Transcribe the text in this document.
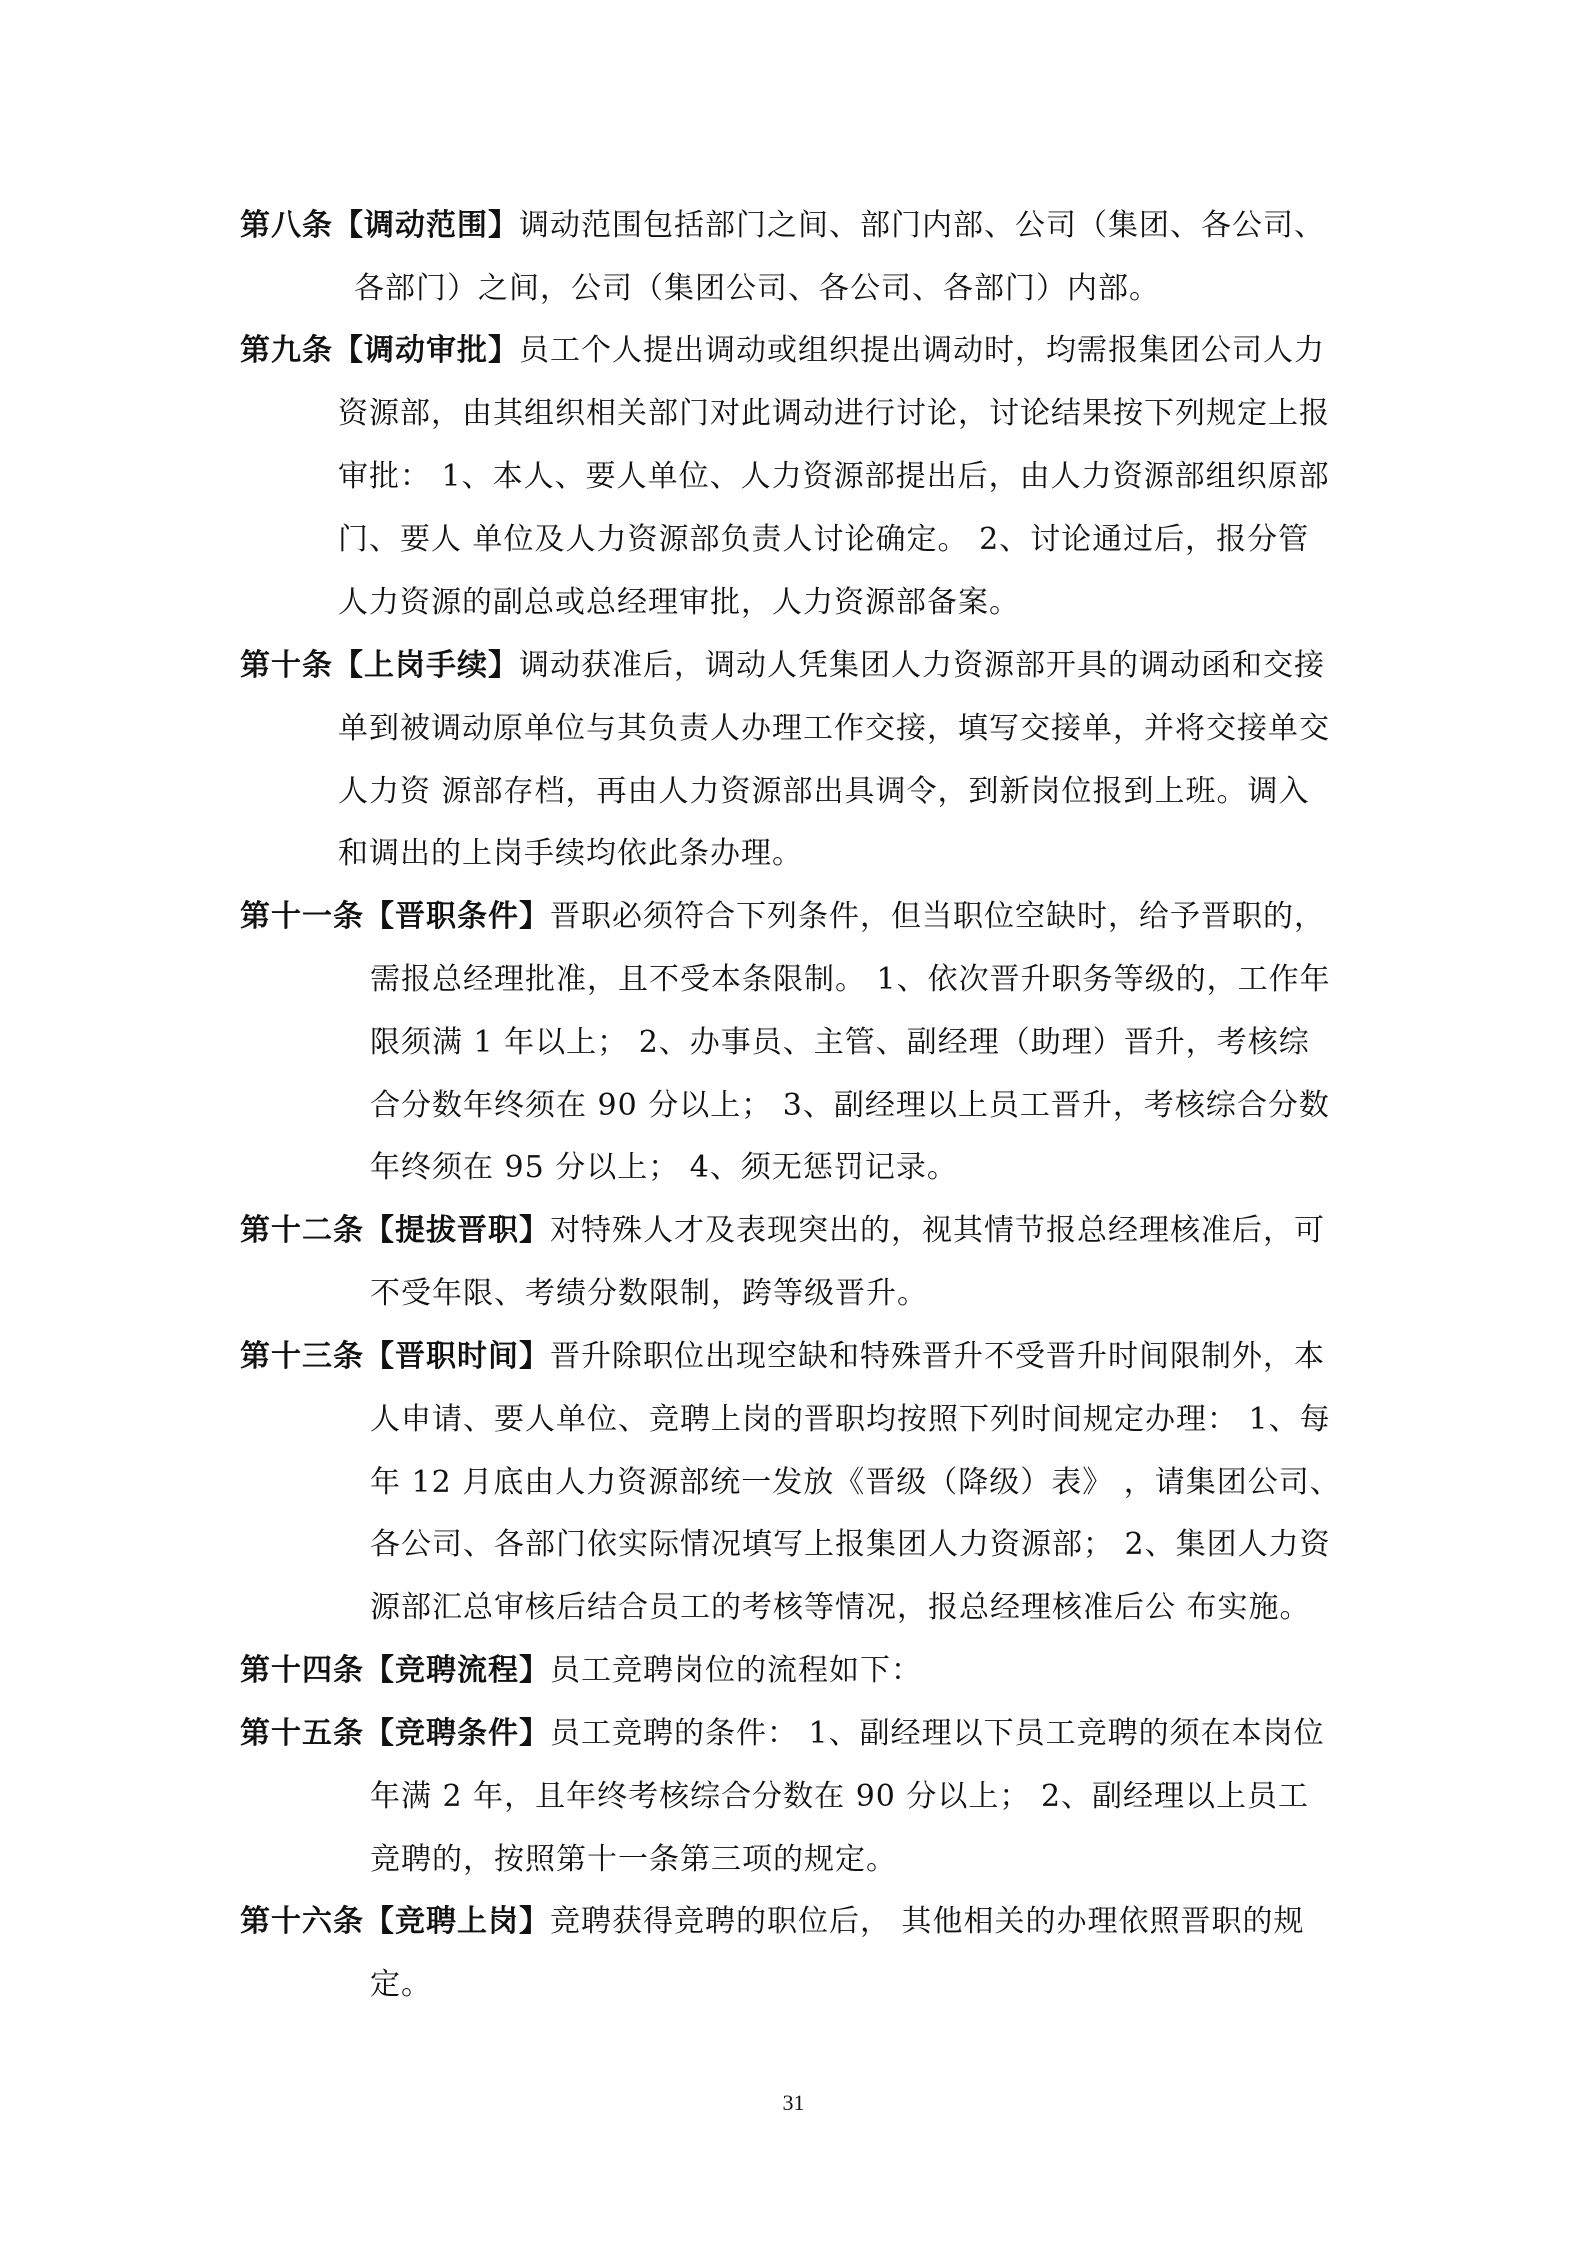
第八条【调动范围】调动范围包括部门之间、部门内部、公司（集团、各公司、
各部门）之间，公司（集团公司、各公司、各部门）内部。
第九条【调动审批】员工个人提出调动或组织提出调动时，均需报集团公司人力
资源部，由其组织相关部门对此调动进行讨论，讨论结果按下列规定上报
审批： 1、本人、要人单位、人力资源部提出后，由人力资源部组织原部
门、要人 单位及人力资源部负责人讨论确定。 2、讨论通过后，报分管
人力资源的副总或总经理审批，人力资源部备案。
第十条【上岗手续】调动获准后，调动人凭集团人力资源部开具的调动函和交接
单到被调动原单位与其负责人办理工作交接，填写交接单，并将交接单交
人力资 源部存档，再由人力资源部出具调令，到新岗位报到上班。调入
和调出的上岗手续均依此条办理。
第十一条【晋职条件】晋职必须符合下列条件，但当职位空缺时，给予晋职的，
需报总经理批准，且不受本条限制。 1、依次晋升职务等级的，工作年
限须满 1 年以上； 2、办事员、主管、副经理（助理）晋升，考核综
合分数年终须在 90 分以上； 3、副经理以上员工晋升，考核综合分数
年终须在 95 分以上； 4、须无惩罚记录。
第十二条【提拔晋职】对特殊人才及表现突出的，视其情节报总经理核准后，可
不受年限、考绩分数限制，跨等级晋升。
第十三条【晋职时间】晋升除职位出现空缺和特殊晋升不受晋升时间限制外，本
人申请、要人单位、竞聘上岗的晋职均按照下列时间规定办理： 1、每
年 12 月底由人力资源部统一发放《晋级（降级）表》 ，请集团公司、
各公司、各部门依实际情况填写上报集团人力资源部； 2、集团人力资
源部汇总审核后结合员工的考核等情况，报总经理核准后公 布实施。
第十四条【竞聘流程】员工竞聘岗位的流程如下：
第十五条【竞聘条件】员工竞聘的条件： 1、副经理以下员工竞聘的须在本岗位
年满 2 年，且年终考核综合分数在 90 分以上； 2、副经理以上员工
竞聘的，按照第十一条第三项的规定。
第十六条【竞聘上岗】竞聘获得竞聘的职位后， 其他相关的办理依照晋职的规
定。
31
